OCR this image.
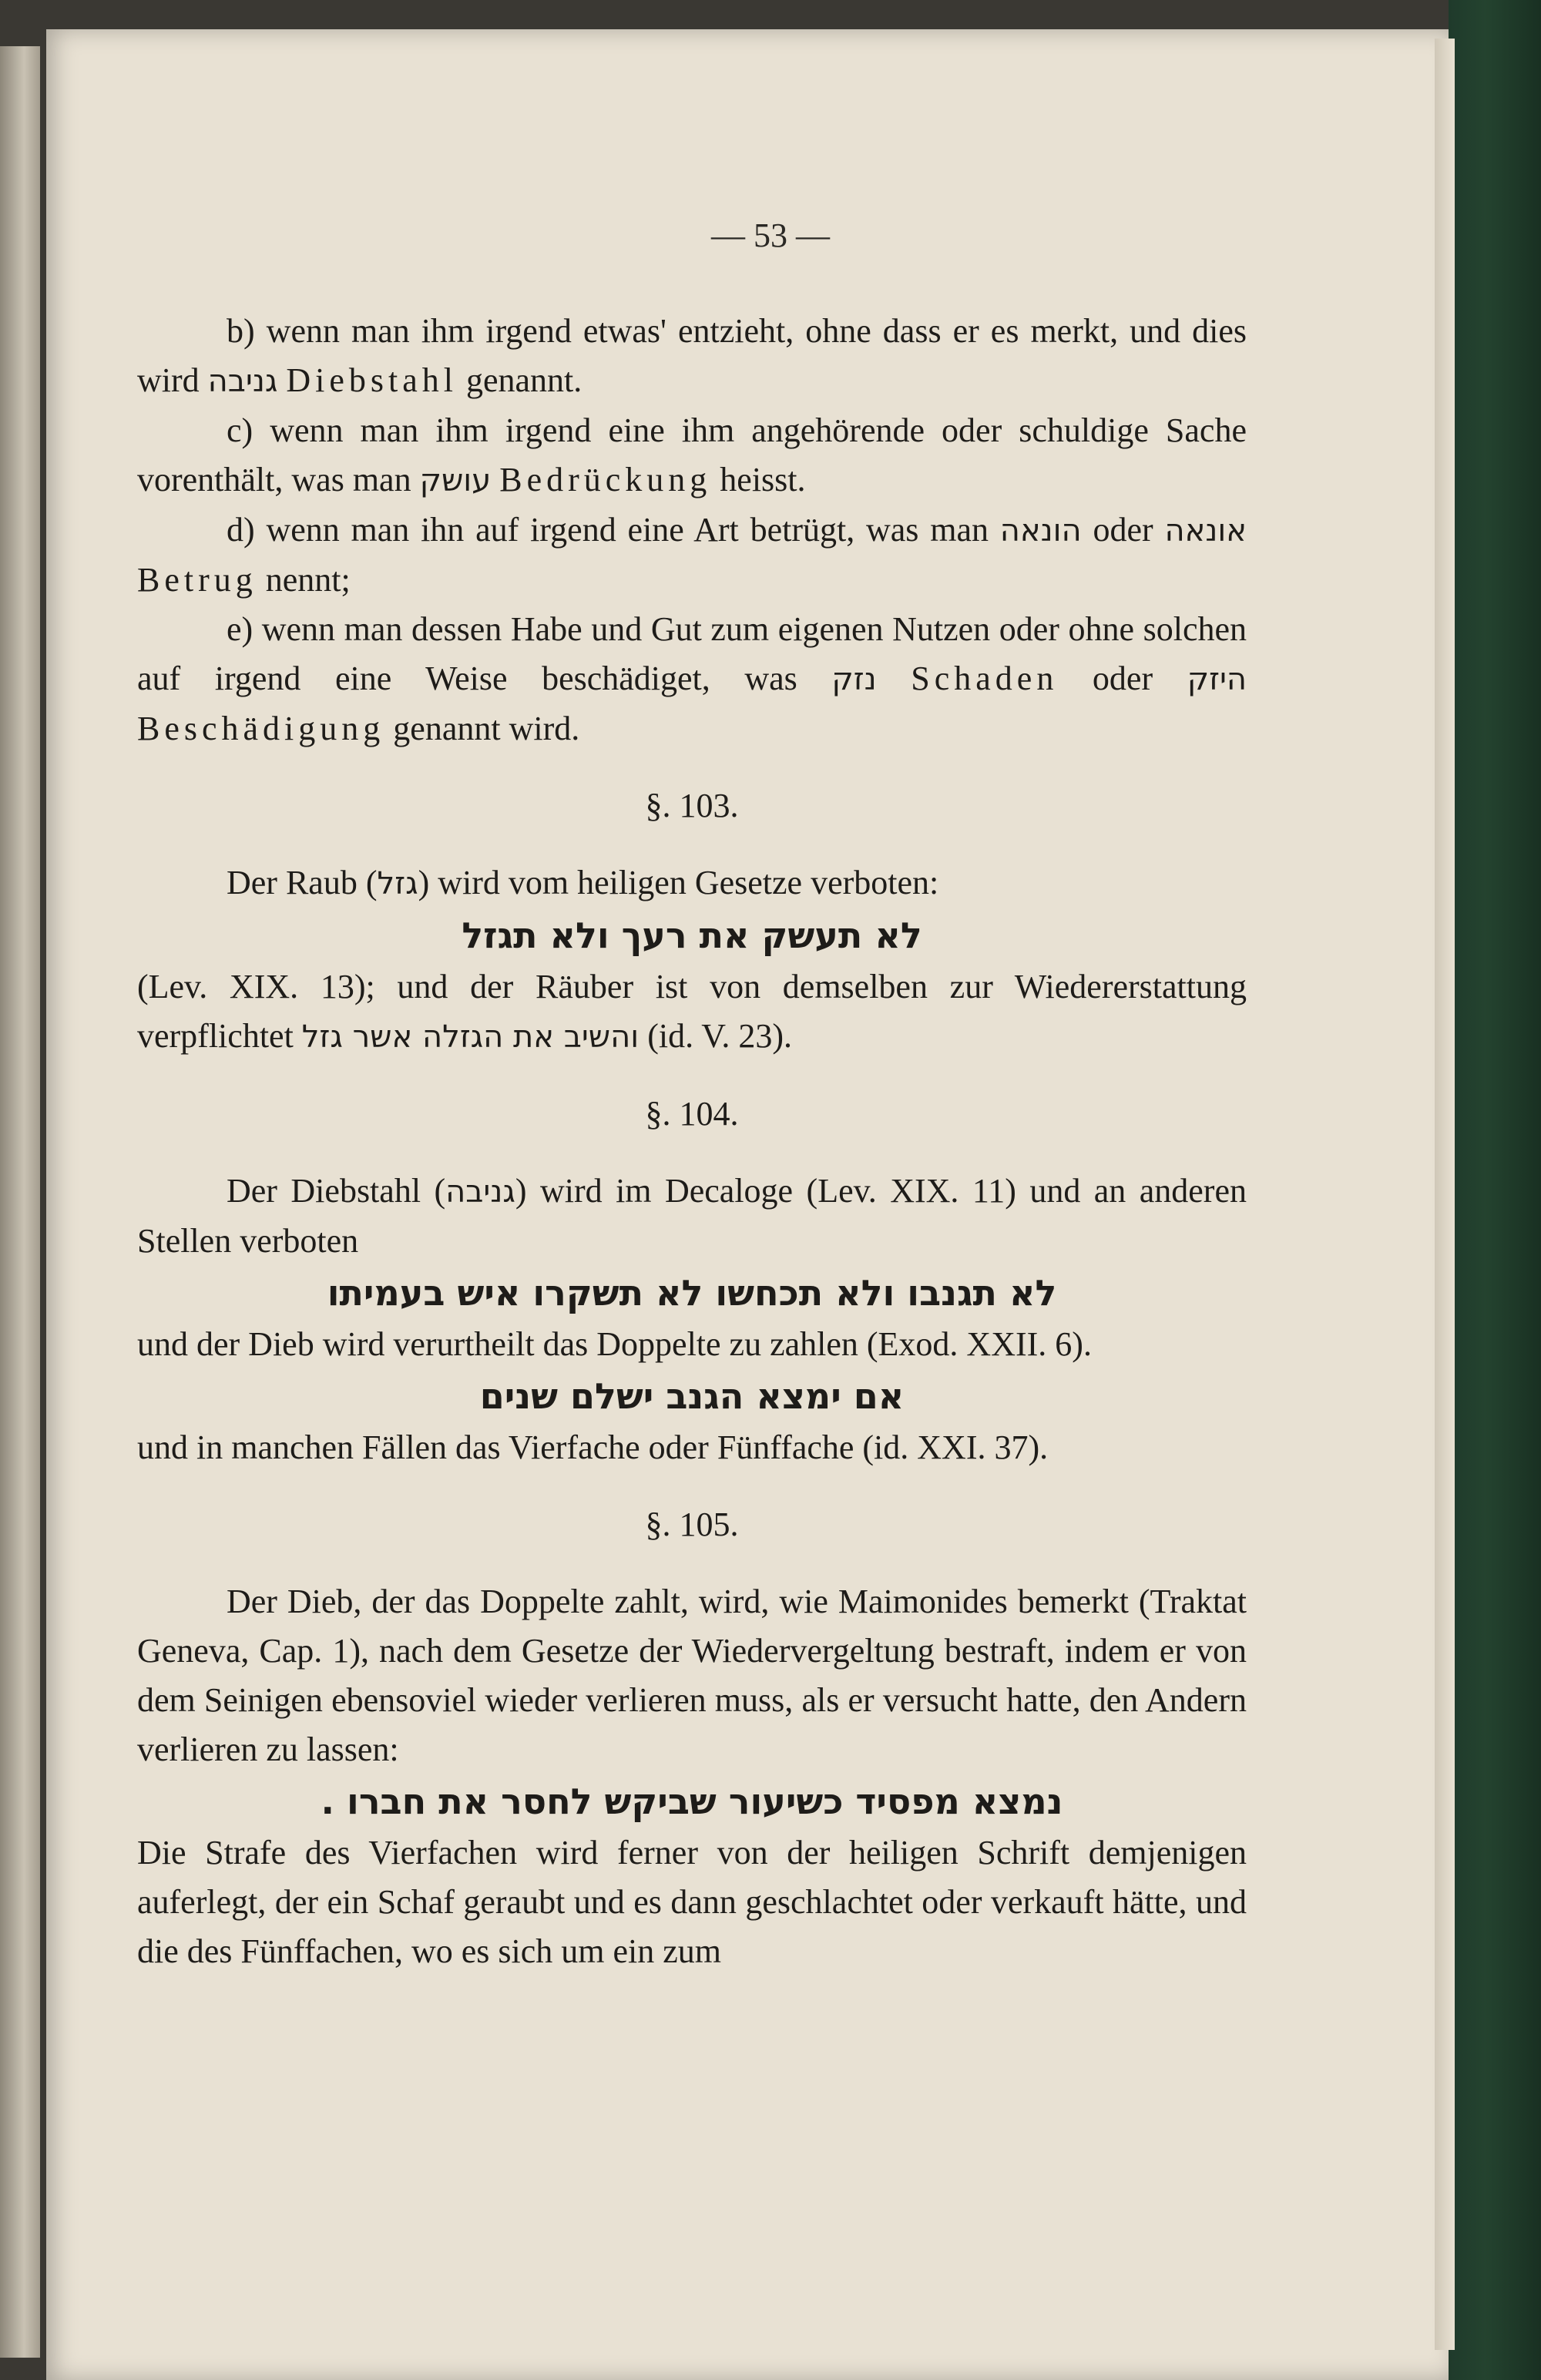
— 53 —

b) wenn man ihm irgend etwas' entzieht, ohne dass er es merkt, und dies wird גניבה Diebstahl genannt.

c) wenn man ihm irgend eine ihm angehörende oder schuldige Sache vorenthält, was man עושק Bedrückung heisst.

d) wenn man ihn auf irgend eine Art betrügt, was man הונאה oder אונאה Betrug nennt;

e) wenn man dessen Habe und Gut zum eigenen Nutzen oder ohne solchen auf irgend eine Weise beschädiget, was נזק Schaden oder היזק Beschädigung genannt wird.

§. 103.

Der Raub (גזל) wird vom heiligen Gesetze verboten:

לא תעשק את רעך ולא תגזל

(Lev. XIX. 13); und der Räuber ist von demselben zur Wiedererstattung verpflichtet והשיב את הגזלה אשר גזל (id. V. 23).

§. 104.

Der Diebstahl (גניבה) wird im Decaloge (Lev. XIX. 11) und an anderen Stellen verboten

לא תגנבו ולא תכחשו לא תשקרו איש בעמיתו

und der Dieb wird verurtheilt das Doppelte zu zahlen (Exod. XXII. 6).

אם ימצא הגנב ישלם שנים

und in manchen Fällen das Vierfache oder Fünffache (id. XXI. 37).

§. 105.

Der Dieb, der das Doppelte zahlt, wird, wie Maimonides bemerkt (Traktat Geneva, Cap. 1), nach dem Gesetze der Wiedervergeltung bestraft, indem er von dem Seinigen ebensoviel wieder verlieren muss, als er versucht hatte, den Andern verlieren zu lassen:

נמצא מפסיד כשיעור שביקש לחסר את חברו .

Die Strafe des Vierfachen wird ferner von der heiligen Schrift demjenigen auferlegt, der ein Schaf geraubt und es dann geschlachtet oder verkauft hätte, und die des Fünffachen, wo es sich um ein zum
